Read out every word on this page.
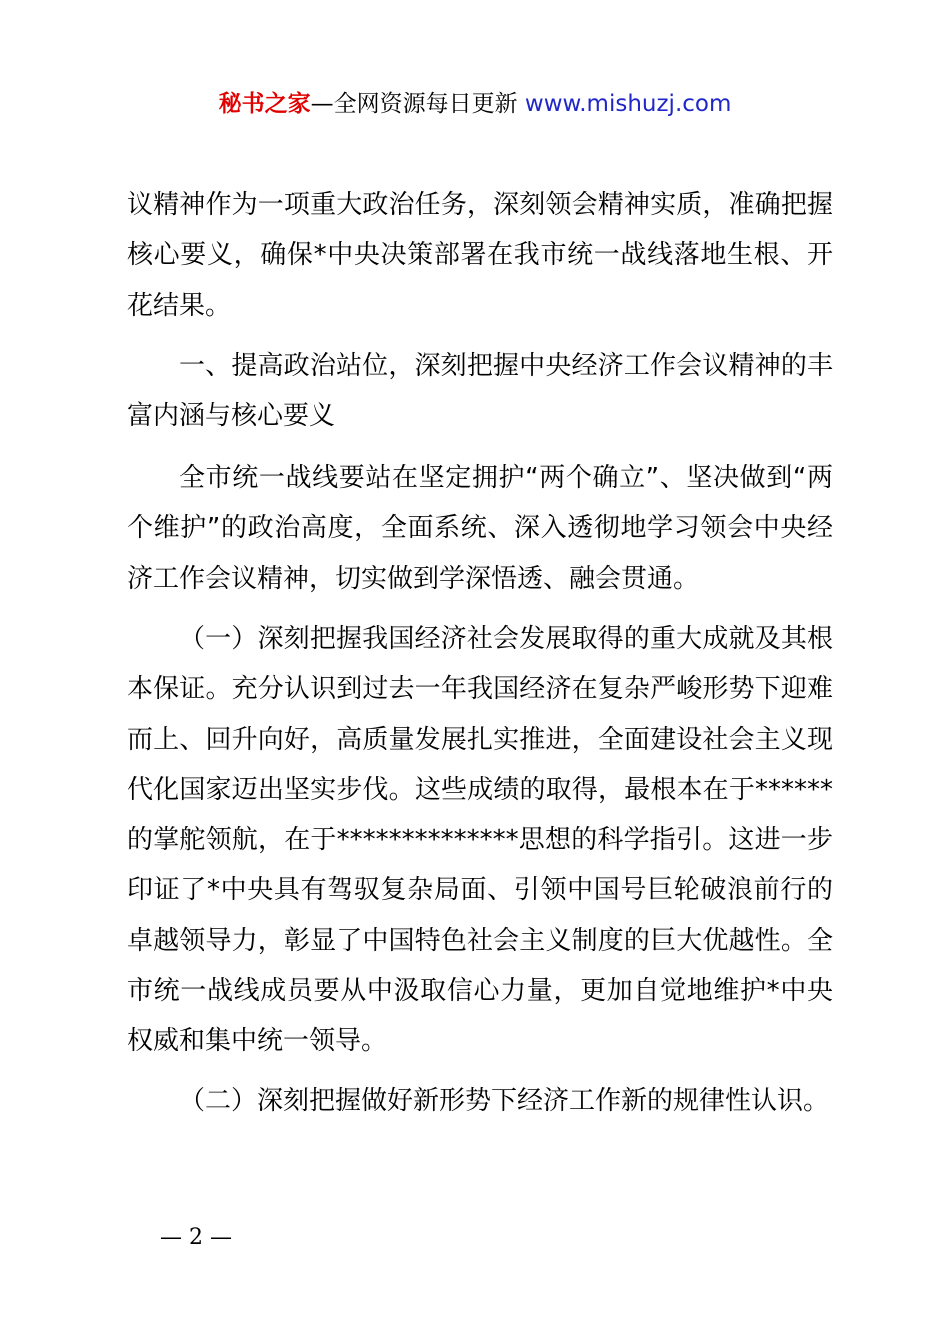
秘书之家—全网资源每日更新 www.mishuzj.com

议精神作为一项重大政治任务，深刻领会精神实质，准确把握核心要义，确保*中央决策部署在我市统一战线落地生根、开花结果。

一、提高政治站位，深刻把握中央经济工作会议精神的丰富内涵与核心要义

全市统一战线要站在坚定拥护“两个确立”、坚决做到“两个维护”的政治高度，全面系统、深入透彻地学习领会中央经济工作会议精神，切实做到学深悟透、融会贯通。

（一）深刻把握我国经济社会发展取得的重大成就及其根本保证。充分认识到过去一年我国经济在复杂严峻形势下迎难而上、回升向好，高质量发展扎实推进，全面建设社会主义现代化国家迈出坚实步伐。这些成绩的取得，最根本在于******的掌舵领航，在于**************思想的科学指引。这进一步印证了*中央具有驾驭复杂局面、引领中国号巨轮破浪前行的卓越领导力，彰显了中国特色社会主义制度的巨大优越性。全市统一战线成员要从中汲取信心力量，更加自觉地维护*中央权威和集中统一领导。

（二）深刻把握做好新形势下经济工作新的规律性认识。

— 2 —
